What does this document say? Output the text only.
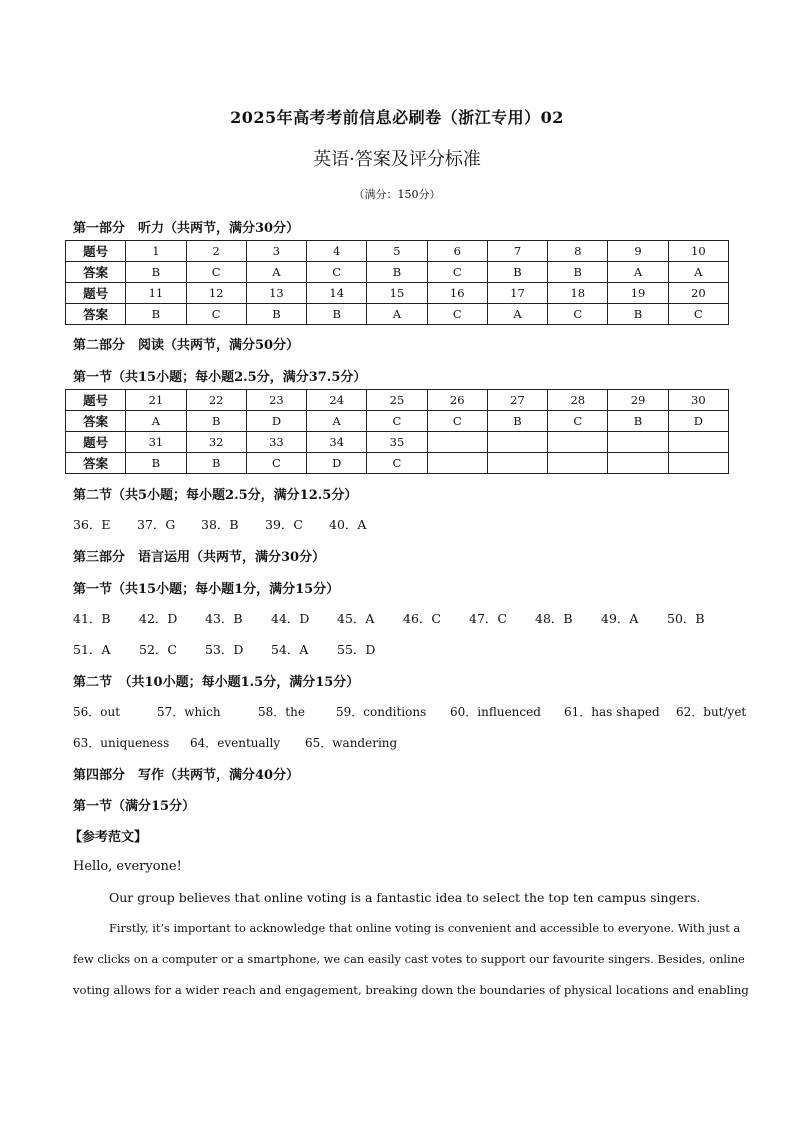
2025年高考考前信息必刷卷（浙江专用）02
英语·答案及评分标准
（满分：150分）
第一部分　听力（共两节，满分30分）
题号	1	2	3	4	5	6	7	8	9	10
答案	B	C	A	C	B	C	B	B	A	A
题号	11	12	13	14	15	16	17	18	19	20
答案	B	C	B	B	A	C	A	C	B	C
第二部分　阅读（共两节，满分50分）
第一节（共15小题；每小题2.5分，满分37.5分）
题号	21	22	23	24	25	26	27	28	29	30
答案	A	B	D	A	C	C	B	C	B	D
题号	31	32	33	34	35					
答案	B	B	C	D	C					
第二节（共5小题；每小题2.5分，满分12.5分）
36．E 37．G 38．B 39．C 40．A
第三部分　语言运用（共两节，满分30分）
第一节（共15小题；每小题1分，满分15分）
41．B 42．D 43．B 44．D 45．A 46．C 47．C 48．B 49．A 50．B
51．A 52．C 53．D 54．A 55．D
第二节　（共10小题；每小题1.5分，满分15分）
56．out	57．which	58．the	59．conditions 60．influenced 61．has shaped 62．but/yet
63．uniqueness 64．eventually 65．wandering
第四部分　写作（共两节，满分40分）
第一节（满分15分）
【参考范文】
Hello, everyone!
Our group believes that online voting is a fantastic idea to select the top ten campus singers.
Firstly, it’s important to acknowledge that online voting is convenient and accessible to everyone. With just a
few clicks on a computer or a smartphone, we can easily cast votes to support our favourite singers. Besides, online
voting allows for a wider reach and engagement, breaking down the boundaries of physical locations and enabling
